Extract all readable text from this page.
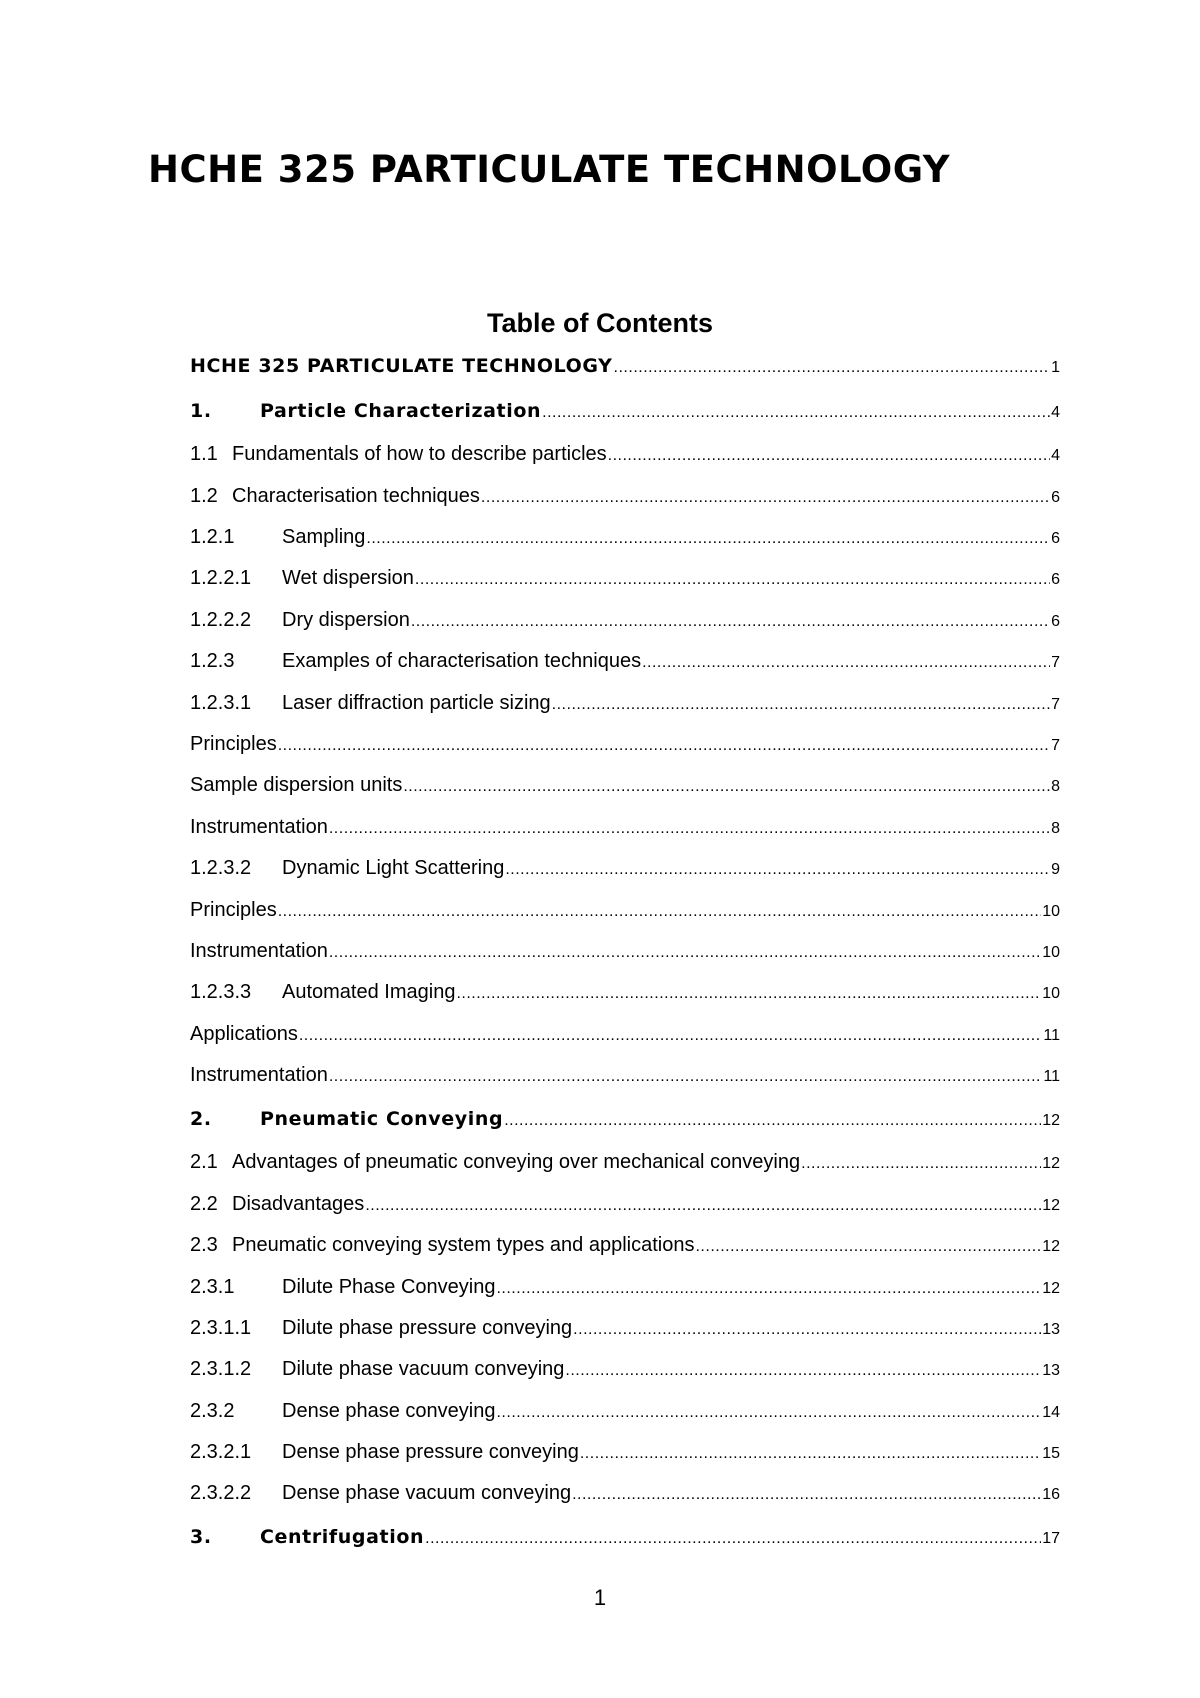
HCHE 325 PARTICULATE TECHNOLOGY
Table of Contents
HCHE 325 PARTICULATE TECHNOLOGY .....	1
1.	Particle Characterization .....	4
1.1 Fundamentals of how to describe particles .....	4
1.2 Characterisation techniques .....	6
1.2.1	Sampling .....	6
1.2.2.1	Wet dispersion .....	6
1.2.2.2	Dry dispersion .....	6
1.2.3	Examples of characterisation techniques .....	7
1.2.3.1	Laser diffraction particle sizing .....	7
Principles .....	7
Sample dispersion units .....	8
Instrumentation .....	8
1.2.3.2	Dynamic Light Scattering .....	9
Principles .....	10
Instrumentation .....	10
1.2.3.3	Automated Imaging .....	10
Applications .....	11
Instrumentation .....	11
2.	Pneumatic Conveying .....	12
2.1 Advantages of pneumatic conveying over mechanical conveying .....	12
2.2 Disadvantages .....	12
2.3 Pneumatic conveying system types and applications .....	12
2.3.1	Dilute Phase Conveying .....	12
2.3.1.1	Dilute phase pressure conveying .....	13
2.3.1.2	Dilute phase vacuum conveying .....	13
2.3.2	Dense phase conveying .....	14
2.3.2.1	Dense phase pressure conveying .....	15
2.3.2.2	Dense phase vacuum conveying .....	16
3.	Centrifugation .....	17
1
